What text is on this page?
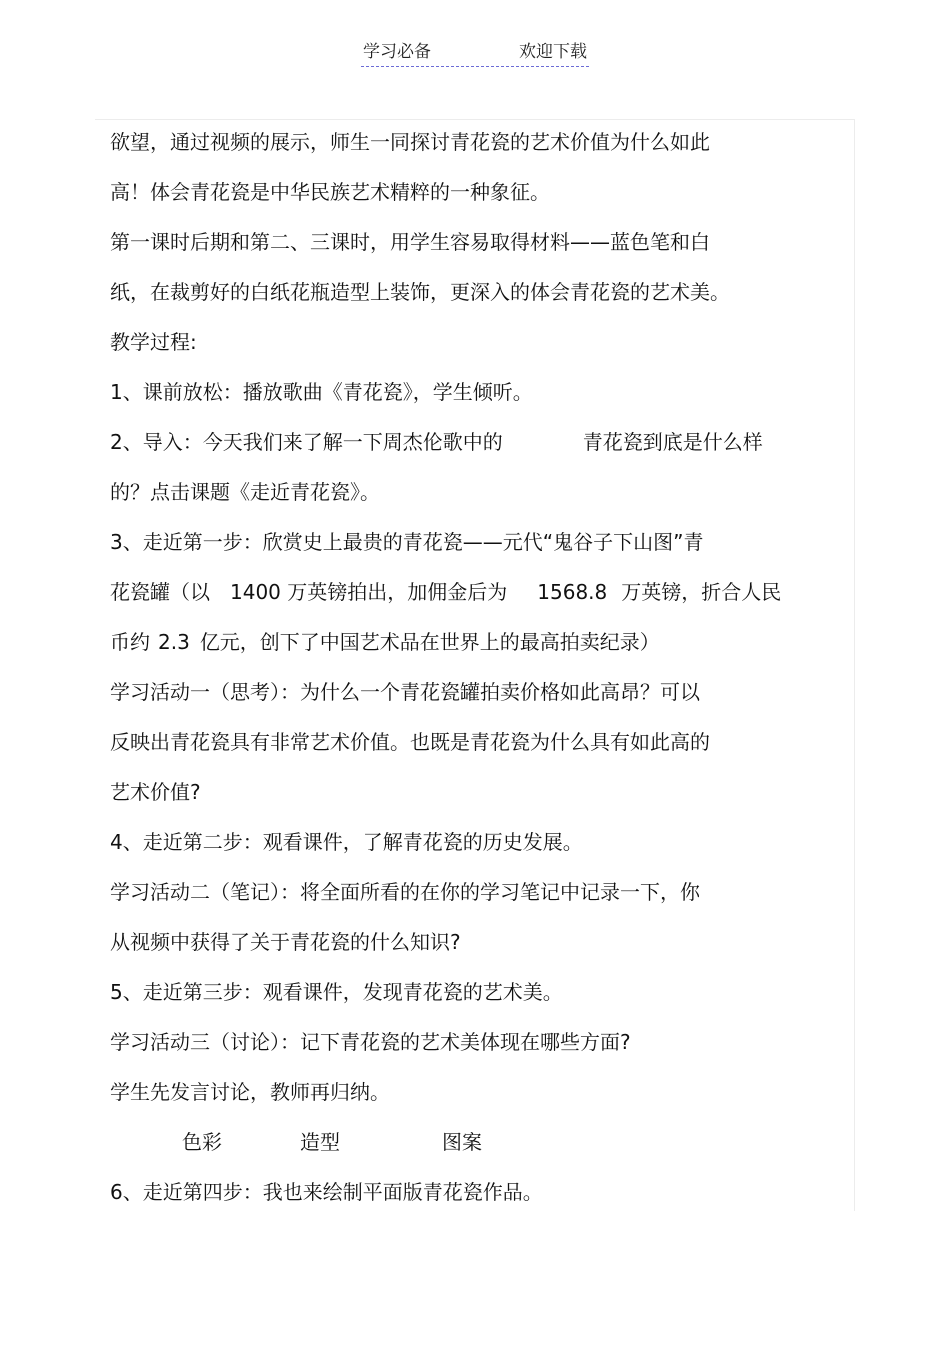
学习必备	欢迎下载
欲望，通过视频的展示，师生一同探讨青花瓷的艺术价值为什么如此
高！体会青花瓷是中华民族艺术精粹的一种象征。
第一课时后期和第二、三课时，用学生容易取得材料——蓝色笔和白
纸，在裁剪好的白纸花瓶造型上装饰，更深入的体会青花瓷的艺术美。
教学过程:
1、课前放松：播放歌曲《青花瓷》，学生倾听。
2、导入：今天我们来了解一下周杰伦歌中的	青花瓷到底是什么样
的？点击课题《走近青花瓷》。
3、走近第一步：欣赏史上最贵的青花瓷——元代“鬼谷子下山图”青
花瓷罐（以 1400 万英镑拍出，加佣金后为 1568.8 万英镑，折合人民
币约 2.3 亿元，创下了中国艺术品在世界上的最高拍卖纪录）
学习活动一（思考）：为什么一个青花瓷罐拍卖价格如此高昂？可以
反映出青花瓷具有非常艺术价值。也既是青花瓷为什么具有如此高的
艺术价值?
4、走近第二步：观看课件，了解青花瓷的历史发展。
学习活动二（笔记）：将全面所看的在你的学习笔记中记录一下，你
从视频中获得了关于青花瓷的什么知识?
5、走近第三步：观看课件，发现青花瓷的艺术美。
学习活动三（讨论）：记下青花瓷的艺术美体现在哪些方面?
学生先发言讨论，教师再归纳。
色彩	造型	图案
6、走近第四步：我也来绘制平面版青花瓷作品。
